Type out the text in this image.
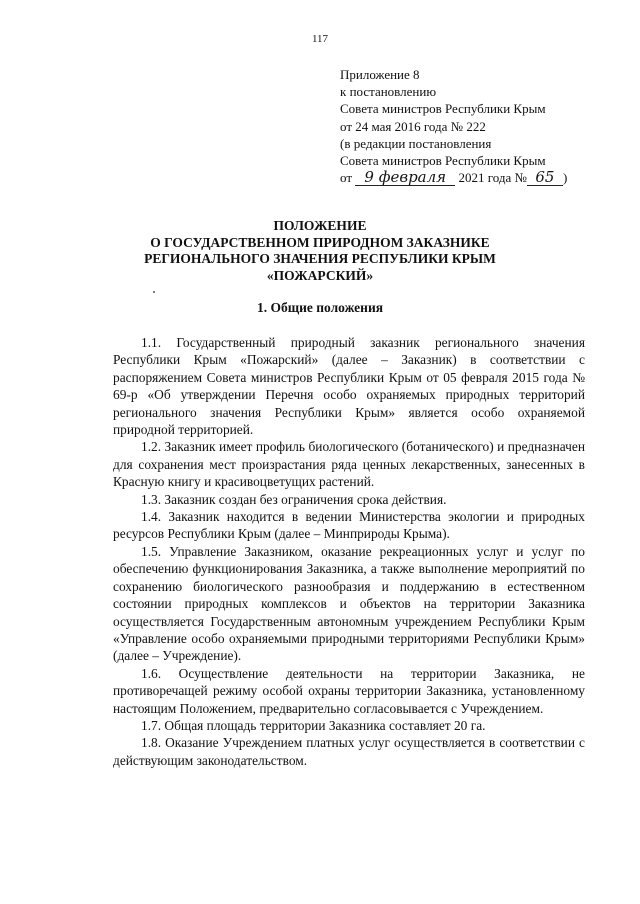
117
Приложение 8
к постановлению
Совета министров Республики Крым
от 24 мая 2016 года № 222
(в редакции постановления
Совета министров Республики Крым
от 9 февраля 2021 года № 65 )
ПОЛОЖЕНИЕ
О ГОСУДАРСТВЕННОМ ПРИРОДНОМ ЗАКАЗНИКЕ
РЕГИОНАЛЬНОГО ЗНАЧЕНИЯ РЕСПУБЛИКИ КРЫМ
«ПОЖАРСКИЙ»
1. Общие положения

1.1. Государственный природный заказник регионального значения Республики Крым «Пожарский» (далее – Заказник) в соответствии с распоряжением Совета министров Республики Крым от 05 февраля 2015 года № 69-р «Об утверждении Перечня особо охраняемых природных территорий регионального значения Республики Крым» является особо охраняемой природной территорией.

1.2. Заказник имеет профиль биологического (ботанического) и предназначен для сохранения мест произрастания ряда ценных лекарственных, занесенных в Красную книгу и красивоцветущих растений.

1.3. Заказник создан без ограничения срока действия.

1.4. Заказник находится в ведении Министерства экологии и природных ресурсов Республики Крым (далее – Минприроды Крыма).

1.5. Управление Заказником, оказание рекреационных услуг и услуг по обеспечению функционирования Заказника, а также выполнение мероприятий по сохранению биологического разнообразия и поддержанию в естественном состоянии природных комплексов и объектов на территории Заказника осуществляется Государственным автономным учреждением Республики Крым «Управление особо охраняемыми природными территориями Республики Крым» (далее – Учреждение).

1.6. Осуществление деятельности на территории Заказника, не противоречащей режиму особой охраны территории Заказника, установленному настоящим Положением, предварительно согласовывается с Учреждением.

1.7. Общая площадь территории Заказника составляет 20 га.

1.8. Оказание Учреждением платных услуг осуществляется в соответствии с действующим законодательством.
